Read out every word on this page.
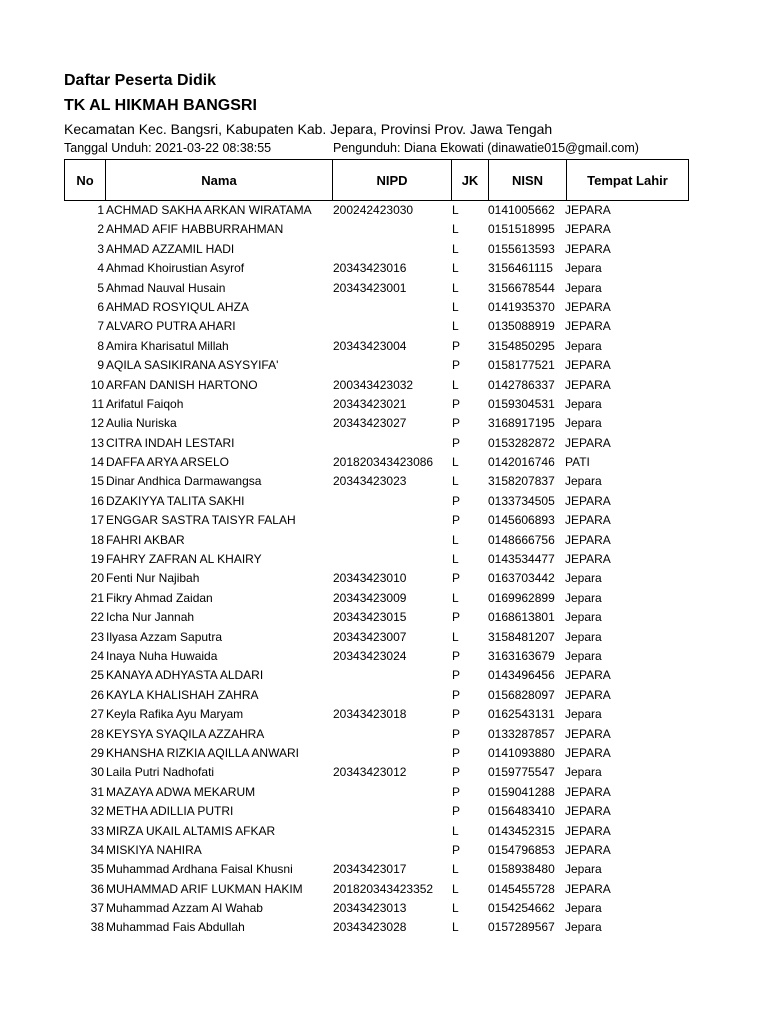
Daftar Peserta Didik
TK AL HIKMAH BANGSRI
Kecamatan Kec. Bangsri, Kabupaten Kab. Jepara, Provinsi Prov. Jawa Tengah
Tanggal Unduh: 2021-03-22 08:38:55	Pengunduh: Diana Ekowati (dinawatie015@gmail.com)
No	Nama	NIPD	JK	NISN	Tempat Lahir
1 ACHMAD SAKHA ARKAN WIRATAMA 200242423030	L 0141005662 JEPARA
2 AHMAD AFIF HABBURRAHMAN	L 0151518995 JEPARA
3 AHMAD AZZAMIL HADI	L 0155613593 JEPARA
4 Ahmad Khoirustian Asyrof	20343423016	L 3156461115 Jepara
5 Ahmad Nauval Husain	20343423001	L 3156678544 Jepara
6 AHMAD ROSYIQUL AHZA	L 0141935370 JEPARA
7 ALVARO PUTRA AHARI	L 0135088919 JEPARA
8 Amira Kharisatul Millah	20343423004	P 3154850295 Jepara
9 AQILA SASIKIRANA ASYSYIFA'	P 0158177521 JEPARA
10 ARFAN DANISH HARTONO	200343423032	L 0142786337 JEPARA
11 Arifatul Faiqoh	20343423021	P 0159304531 Jepara
12 Aulia Nuriska	20343423027	P 3168917195 Jepara
13 CITRA INDAH LESTARI	P 0153282872 JEPARA
14 DAFFA ARYA ARSELO	201820343423086 L 0142016746 PATI
15 Dinar Andhica Darmawangsa	20343423023	L 3158207837 Jepara
16 DZAKIYYA TALITA SAKHI	P 0133734505 JEPARA
17 ENGGAR SASTRA TAISYR FALAH	P 0145606893 JEPARA
18 FAHRI AKBAR	L 0148666756 JEPARA
19 FAHRY ZAFRAN AL KHAIRY	L 0143534477 JEPARA
20 Fenti Nur Najibah	20343423010	P 0163703442 Jepara
21 Fikry Ahmad Zaidan	20343423009	L 0169962899 Jepara
22 Icha Nur Jannah	20343423015	P 0168613801 Jepara
23 Ilyasa Azzam Saputra	20343423007	L 3158481207 Jepara
24 Inaya Nuha Huwaida	20343423024	P 3163163679 Jepara
25 KANAYA ADHYASTA ALDARI	P 0143496456 JEPARA
26 KAYLA KHALISHAH ZAHRA	P 0156828097 JEPARA
27 Keyla Rafika Ayu Maryam	20343423018	P 0162543131 Jepara
28 KEYSYA SYAQILA AZZAHRA	P 0133287857 JEPARA
29 KHANSHA RIZKIA AQILLA ANWARI	P 0141093880 JEPARA
30 Laila Putri Nadhofati	20343423012	P 0159775547 Jepara
31 MAZAYA ADWA MEKARUM	P 0159041288 JEPARA
32 METHA ADILLIA PUTRI	P 0156483410 JEPARA
33 MIRZA UKAIL ALTAMIS AFKAR	L 0143452315 JEPARA
34 MISKIYA NAHIRA	P 0154796853 JEPARA
35 Muhammad Ardhana Faisal Khusni	20343423017	L 0158938480 Jepara
36 MUHAMMAD ARIF LUKMAN HAKIM	201820343423352 L 0145455728 JEPARA
37 Muhammad Azzam Al Wahab	20343423013	L 0154254662 Jepara
38 Muhammad Fais Abdullah	20343423028	L 0157289567 Jepara
